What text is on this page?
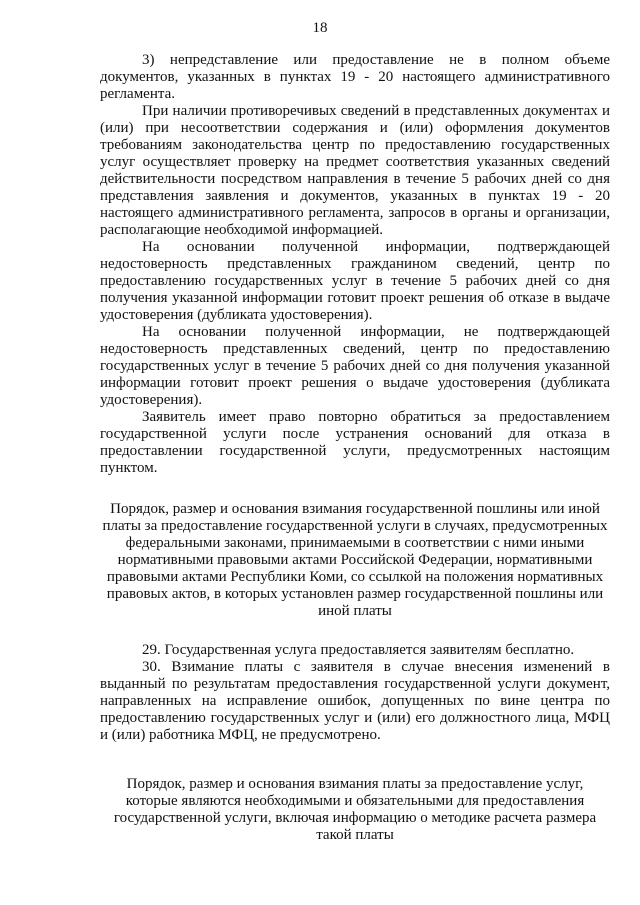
18

3) непредставление или предоставление не в полном объеме документов, указанных в пунктах 19 - 20 настоящего административного регламента.

При наличии противоречивых сведений в представленных документах и (или) при несоответствии содержания и (или) оформления документов требованиям законодательства центр по предоставлению государственных услуг осуществляет проверку на предмет соответствия указанных сведений действительности посредством направления в течение 5 рабочих дней со дня представления заявления и документов, указанных в пунктах 19 - 20 настоящего административного регламента, запросов в органы и организации, располагающие необходимой информацией.

На основании полученной информации, подтверждающей недостоверность представленных гражданином сведений, центр по предоставлению государственных услуг в течение 5 рабочих дней со дня получения указанной информации готовит проект решения об отказе в выдаче удостоверения (дубликата удостоверения).

На основании полученной информации, не подтверждающей недостоверность представленных сведений, центр по предоставлению государственных услуг в течение 5 рабочих дней со дня получения указанной информации готовит проект решения о выдаче удостоверения (дубликата удостоверения).

Заявитель имеет право повторно обратиться за предоставлением государственной услуги после устранения оснований для отказа в предоставлении государственной услуги, предусмотренных настоящим пунктом.

Порядок, размер и основания взимания государственной пошлины или иной платы за предоставление государственной услуги в случаях, предусмотренных федеральными законами, принимаемыми в соответствии с ними иными нормативными правовыми актами Российской Федерации, нормативными правовыми актами Республики Коми, со ссылкой на положения нормативных правовых актов, в которых установлен размер государственной пошлины или иной платы

29. Государственная услуга предоставляется заявителям бесплатно.

30. Взимание платы с заявителя в случае внесения изменений в выданный по результатам предоставления государственной услуги документ, направленных на исправление ошибок, допущенных по вине центра по предоставлению государственных услуг и (или) его должностного лица, МФЦ и (или) работника МФЦ, не предусмотрено.

Порядок, размер и основания взимания платы за предоставление услуг, которые являются необходимыми и обязательными для предоставления государственной услуги, включая информацию о методике расчета размера такой платы
